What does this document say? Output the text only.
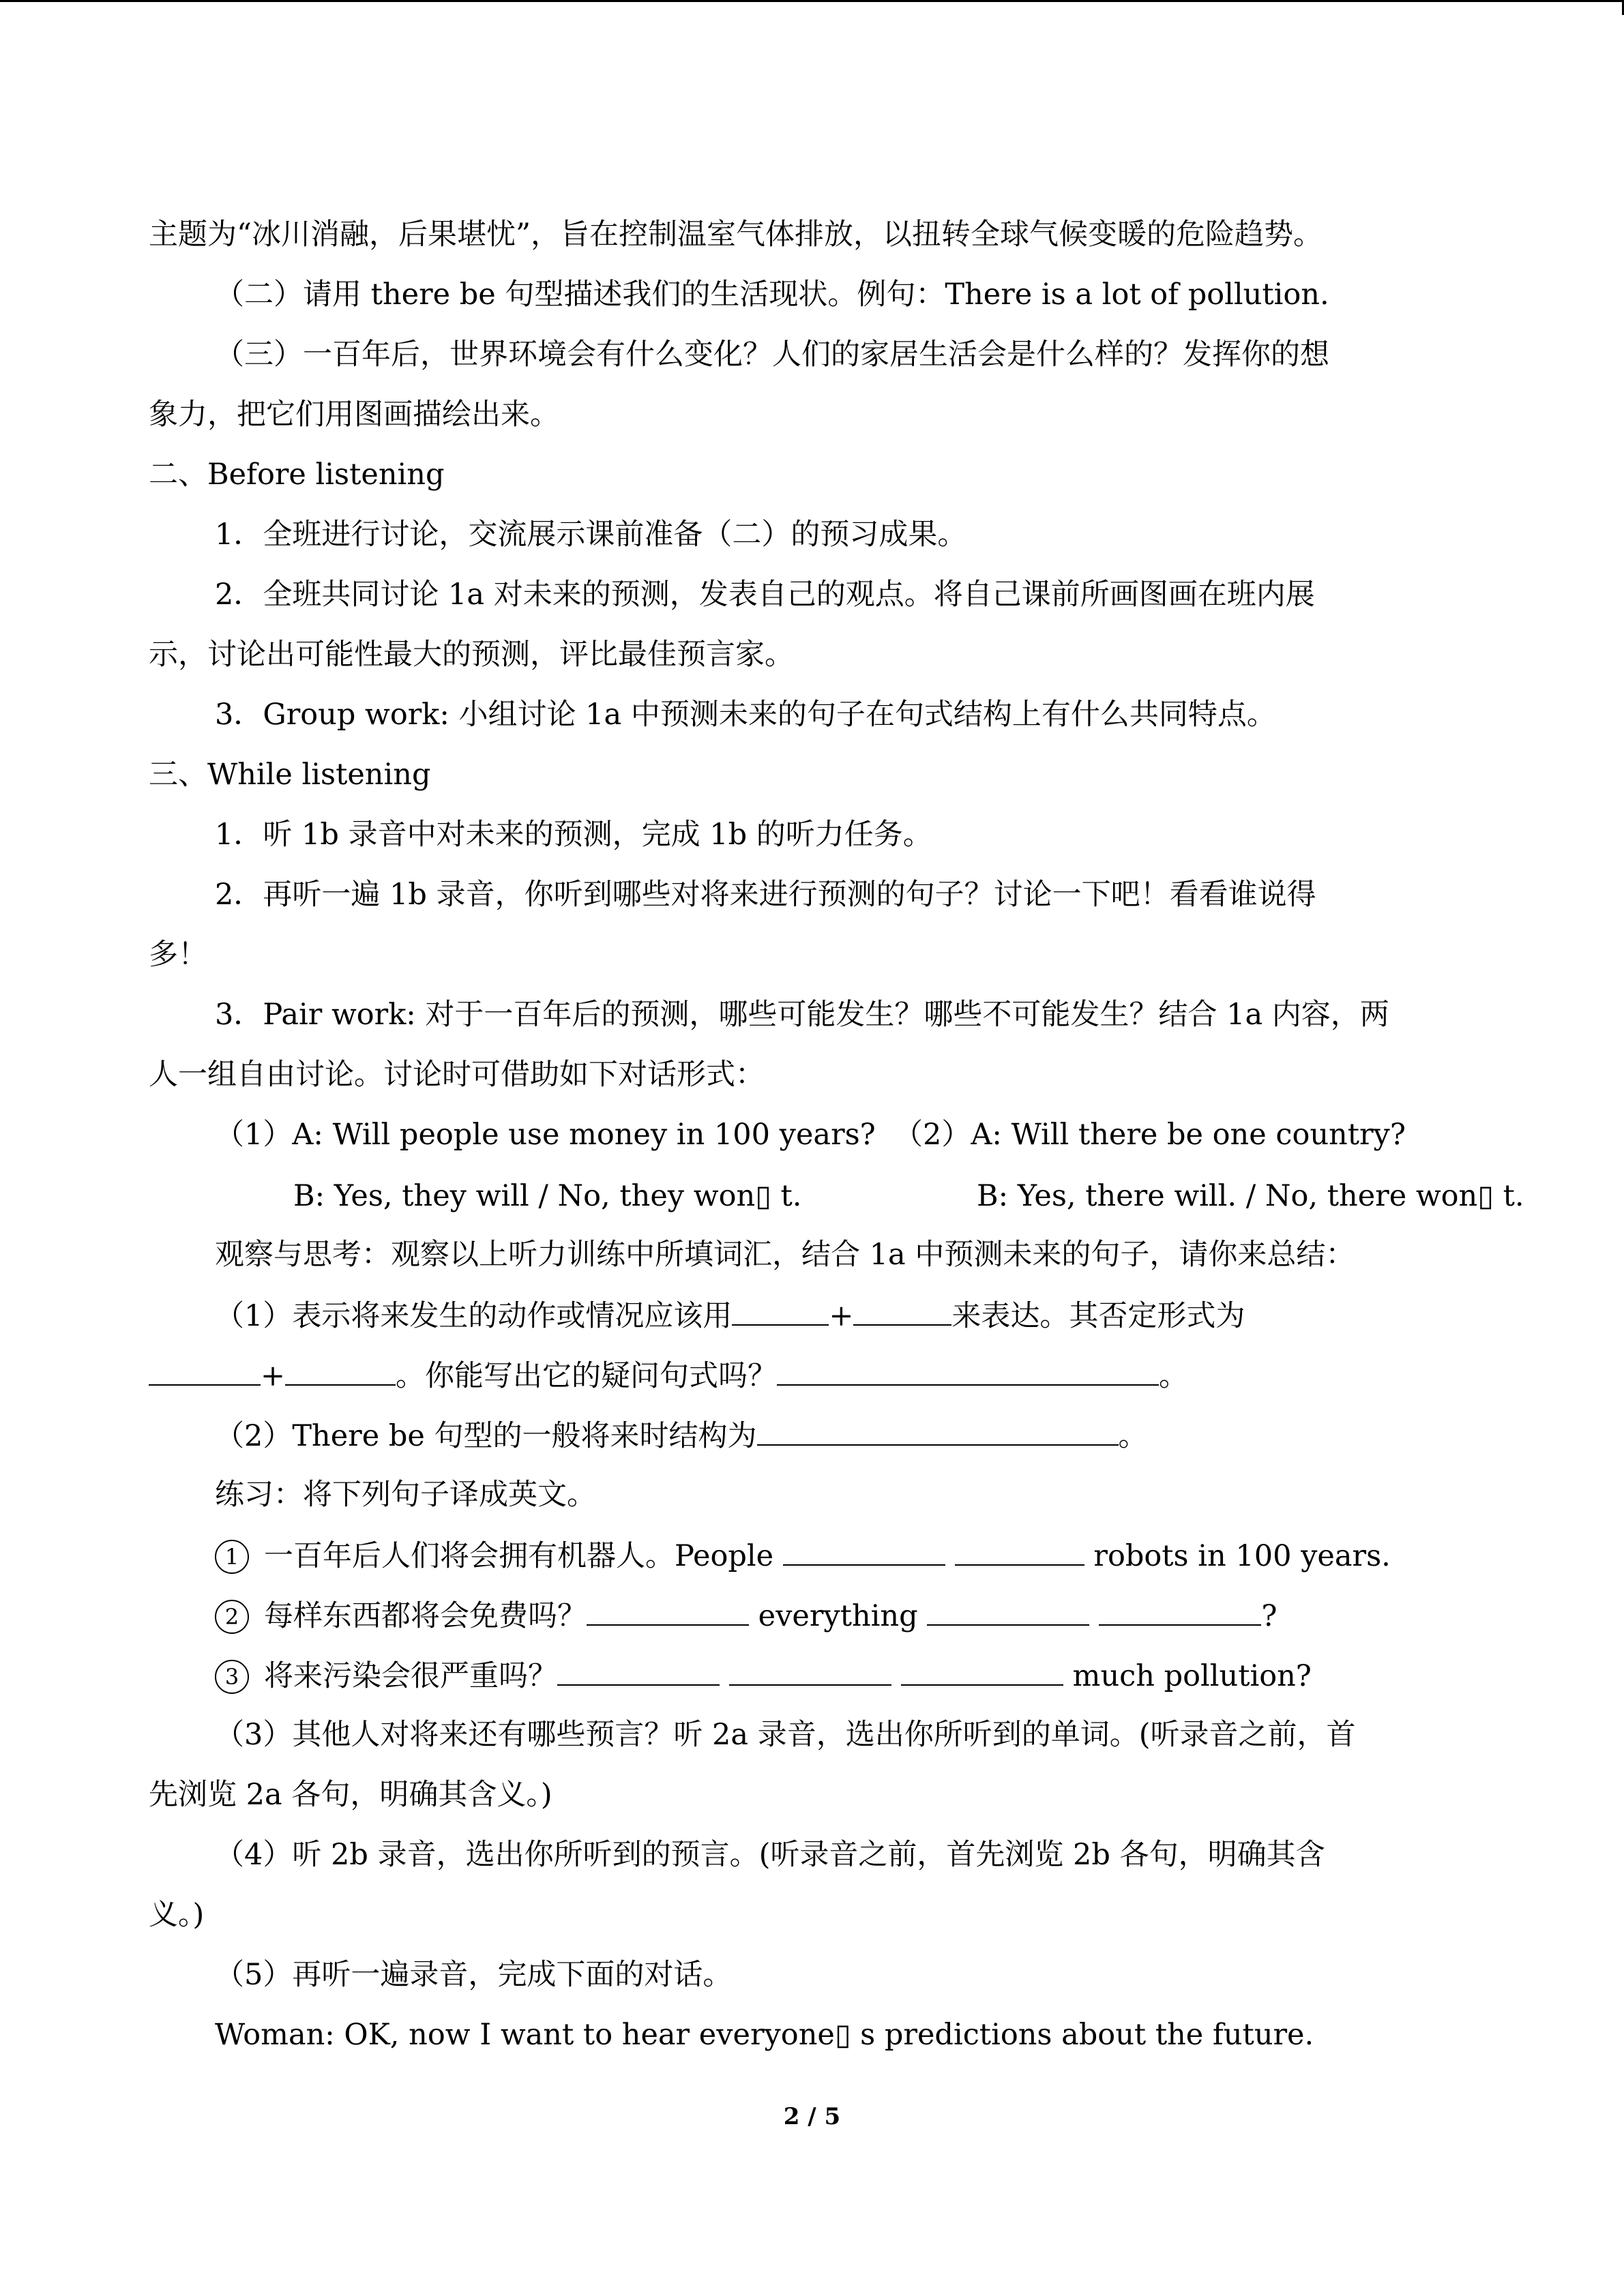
主题为“冰川消融，后果堪忧”，旨在控制温室气体排放，以扭转全球气候变暖的危险趋势。
（二）请用 there be 句型描述我们的生活现状。例句：There is a lot of pollution.
（三）一百年后，世界环境会有什么变化？人们的家居生活会是什么样的？发挥你的想
象力，把它们用图画描绘出来。
二、Before listening
1．全班进行讨论，交流展示课前准备（二）的预习成果。
2．全班共同讨论 1a 对未来的预测，发表自己的观点。将自己课前所画图画在班内展
示，讨论出可能性最大的预测，评比最佳预言家。
3．Group work: 小组讨论 1a 中预测未来的句子在句式结构上有什么共同特点。
三、While listening
1．听 1b 录音中对未来的预测，完成 1b 的听力任务。
2．再听一遍 1b 录音，你听到哪些对将来进行预测的句子？讨论一下吧！看看谁说得
多！
3．Pair work: 对于一百年后的预测，哪些可能发生？哪些不可能发生？结合 1a 内容，两
人一组自由讨论。讨论时可借助如下对话形式：
（1）A: Will people use money in 100 years? （2）A: Will there be one country?
B: Yes, they will / No, they won▯ t.	B: Yes, there will. / No, there won▯ t.
观察与思考：观察以上听力训练中所填词汇，结合 1a 中预测未来的句子，请你来总结：
（1）表示将来发生的动作或情况应该用	+	来表达。其否定形式为
+	。你能写出它的疑问句式吗？	。
（2）There be 句型的一般将来时结构为	。
练习：将下列句子译成英文。
1 一百年后人们将会拥有机器人。People	robots in 100 years.
2 每样东西都将会免费吗？	everything	?
3 将来污染会很严重吗？	much pollution?
（3）其他人对将来还有哪些预言？听 2a 录音，选出你所听到的单词。(听录音之前，首
先浏览 2a 各句，明确其含义。)
（4）听 2b 录音，选出你所听到的预言。(听录音之前，首先浏览 2b 各句，明确其含
义。)
（5）再听一遍录音，完成下面的对话。
Woman: OK, now I want to hear everyone▯ s predictions about the future.
2 / 5
